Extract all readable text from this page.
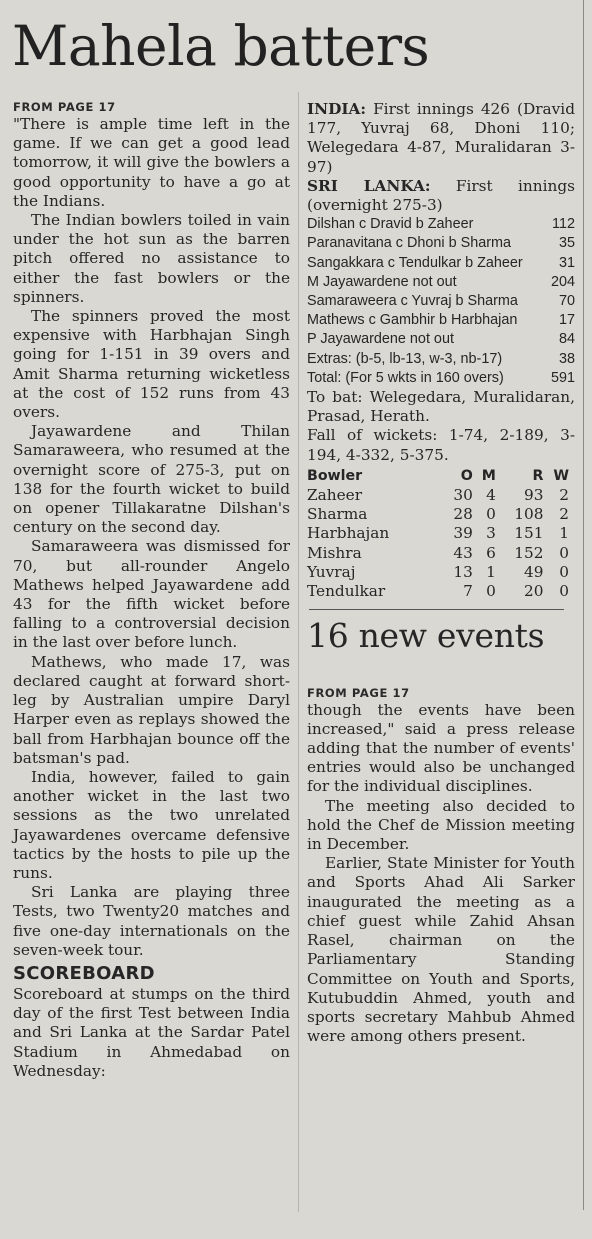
Mahela batters
FROM PAGE 17

"There is ample time left in the game. If we can get a good lead tomorrow, it will give the bowlers a good opportunity to have a go at the Indians.

The Indian bowlers toiled in vain under the hot sun as the barren pitch offered no assistance to either the fast bowlers or the spinners.

The spinners proved the most expensive with Harbhajan Singh going for 1-151 in 39 overs and Amit Sharma returning wicketless at the cost of 152 runs from 43 overs.

Jayawardene and Thilan Samaraweera, who resumed at the overnight score of 275-3, put on 138 for the fourth wicket to build on opener Tillakaratne Dilshan's century on the second day.

Samaraweera was dismissed for 70, but all-rounder Angelo Mathews helped Jayawardene add 43 for the fifth wicket before falling to a controversial decision in the last over before lunch.

Mathews, who made 17, was declared caught at forward short-leg by Australian umpire Daryl Harper even as replays showed the ball from Harbhajan bounce off the batsman's pad.

India, however, failed to gain another wicket in the last two sessions as the two unrelated Jayawardenes overcame defensive tactics by the hosts to pile up the runs.

Sri Lanka are playing three Tests, two Twenty20 matches and five one-day internationals on the seven-week tour.

SCOREBOARD

Scoreboard at stumps on the third day of the first Test between India and Sri Lanka at the Sardar Patel Stadium in Ahmedabad on Wednesday:

INDIA: First innings 426 (Dravid 177, Yuvraj 68, Dhoni 110; Welegedara 4-87, Muralidaran 3-97)

SRI LANKA: First innings (overnight 275-3)

Dilshan c Dravid b Zaheer	112
Paranavitana c Dhoni b Sharma	35
Sangakkara c Tendulkar b Zaheer	31
M Jayawardene not out	204
Samaraweera c Yuvraj b Sharma	70
Mathews c Gambhir b Harbhajan	17
P Jayawardene not out	84
Extras: (b-5, lb-13, w-3, nb-17)	38
Total: (For 5 wkts in 160 overs)	591

To bat: Welegedara, Muralidaran, Prasad, Herath.

Fall of wickets: 1-74, 2-189, 3-194, 4-332, 5-375.

Bowler	O	M	R	W
Zaheer	30	4	93	2
Sharma	28	0	108	2
Harbhajan	39	3	151	1
Mishra	43	6	152	0
Yuvraj	13	1	49	0
Tendulkar	7	0	20	0
16 new events
FROM PAGE 17

though the events have been increased," said a press release adding that the number of events' entries would also be unchanged for the individual disciplines.

The meeting also decided to hold the Chef de Mission meeting in December.

Earlier, State Minister for Youth and Sports Ahad Ali Sarker inaugurated the meeting as a chief guest while Zahid Ahsan Rasel, chairman on the Parliamentary Standing Committee on Youth and Sports, Kutubuddin Ahmed, youth and sports secretary Mahbub Ahmed were among others present.
